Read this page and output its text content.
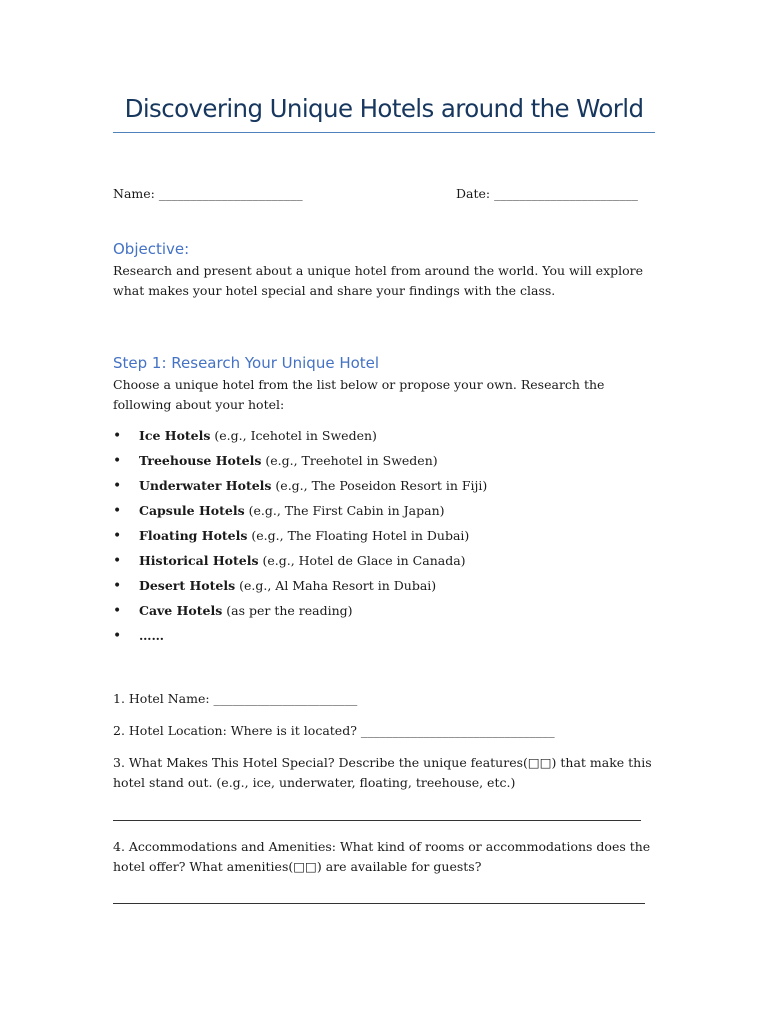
Discovering Unique Hotels around the World
Name: _______________________	Date: _______________________
Objective:
Research and present about a unique hotel from around the world. You will explore what makes your hotel special and share your findings with the class.
Step 1: Research Your Unique Hotel
Choose a unique hotel from the list below or propose your own. Research the following about your hotel:
• Ice Hotels (e.g., Icehotel in Sweden)
• Treehouse Hotels (e.g., Treehotel in Sweden)
• Underwater Hotels (e.g., The Poseidon Resort in Fiji)
• Capsule Hotels (e.g., The First Cabin in Japan)
• Floating Hotels (e.g., The Floating Hotel in Dubai)
• Historical Hotels (e.g., Hotel de Glace in Canada)
• Desert Hotels (e.g., Al Maha Resort in Dubai)
• Cave Hotels (as per the reading)
• ……
1. Hotel Name: _______________________
2. Hotel Location: Where is it located? _______________________________
3. What Makes This Hotel Special? Describe the unique features(□□) that make this hotel stand out. (e.g., ice, underwater, floating, treehouse, etc.)
4. Accommodations and Amenities: What kind of rooms or accommodations does the hotel offer? What amenities(□□) are available for guests?
